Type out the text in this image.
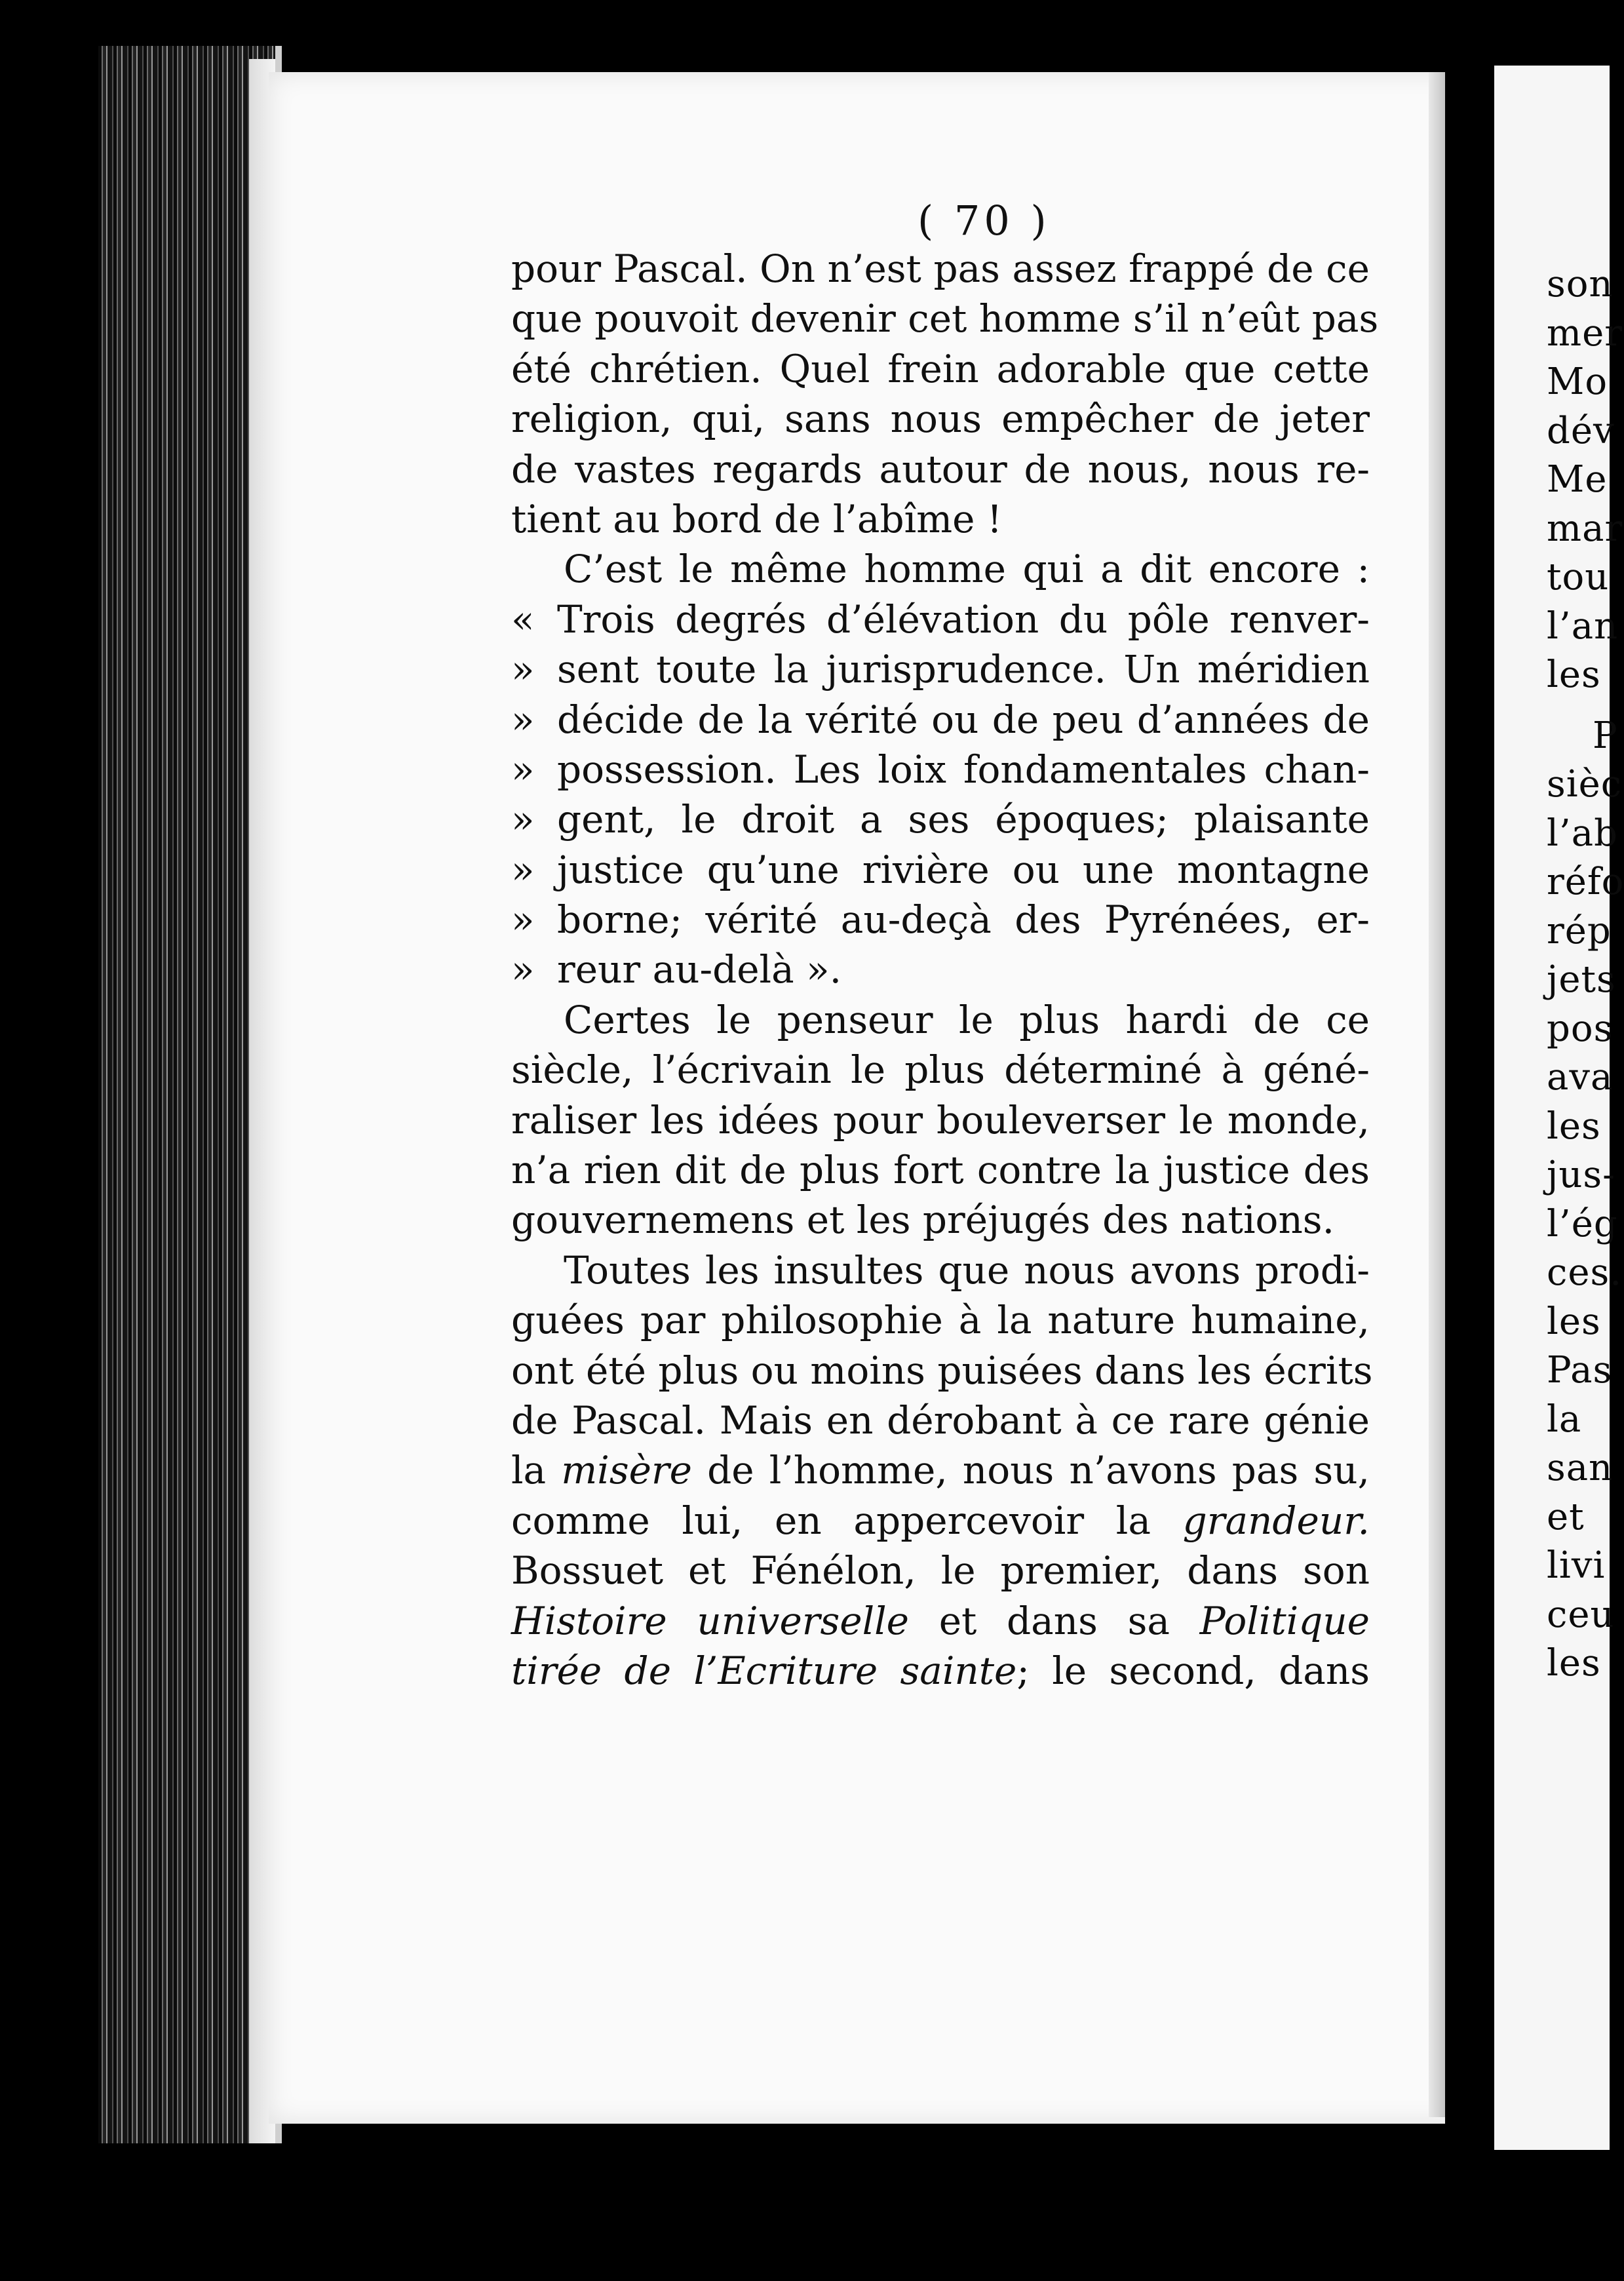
son
mer
Mo
dév
Me
mar
tou
l’an
les
P
sièc
l’ab
réfo
rép
jets
pos
ava
les
jus-
l’ég
ces.
les
Pas
la
san
et
livi
ceu
les
( 70 )
pour Pascal. On n’est pas assez frappé de ce
que pouvoit devenir cet homme s’il n’eût pas
été chrétien. Quel frein adorable que cette
religion, qui, sans nous empêcher de jeter
de vastes regards autour de nous, nous re-
tient au bord de l’abîme !
C’est le même homme qui a dit encore :
« Trois degrés d’élévation du pôle renver-
» sent toute la jurisprudence. Un méridien
» décide de la vérité ou de peu d’années de
» possession. Les loix fondamentales chan-
» gent, le droit a ses époques; plaisante
» justice qu’une rivière ou une montagne
» borne; vérité au-deçà des Pyrénées, er-
» reur au-delà ».
Certes le penseur le plus hardi de ce
siècle, l’écrivain le plus déterminé à géné-
raliser les idées pour bouleverser le monde,
n’a rien dit de plus fort contre la justice des
gouvernemens et les préjugés des nations.
Toutes les insultes que nous avons prodi-
guées par philosophie à la nature humaine,
ont été plus ou moins puisées dans les écrits
de Pascal. Mais en dérobant à ce rare génie
la misère de l’homme, nous n’avons pas su,
comme lui, en appercevoir la grandeur.
Bossuet et Fénélon, le premier, dans son
Histoire universelle et dans sa Politique
tirée de l’Ecriture sainte; le second, dans
